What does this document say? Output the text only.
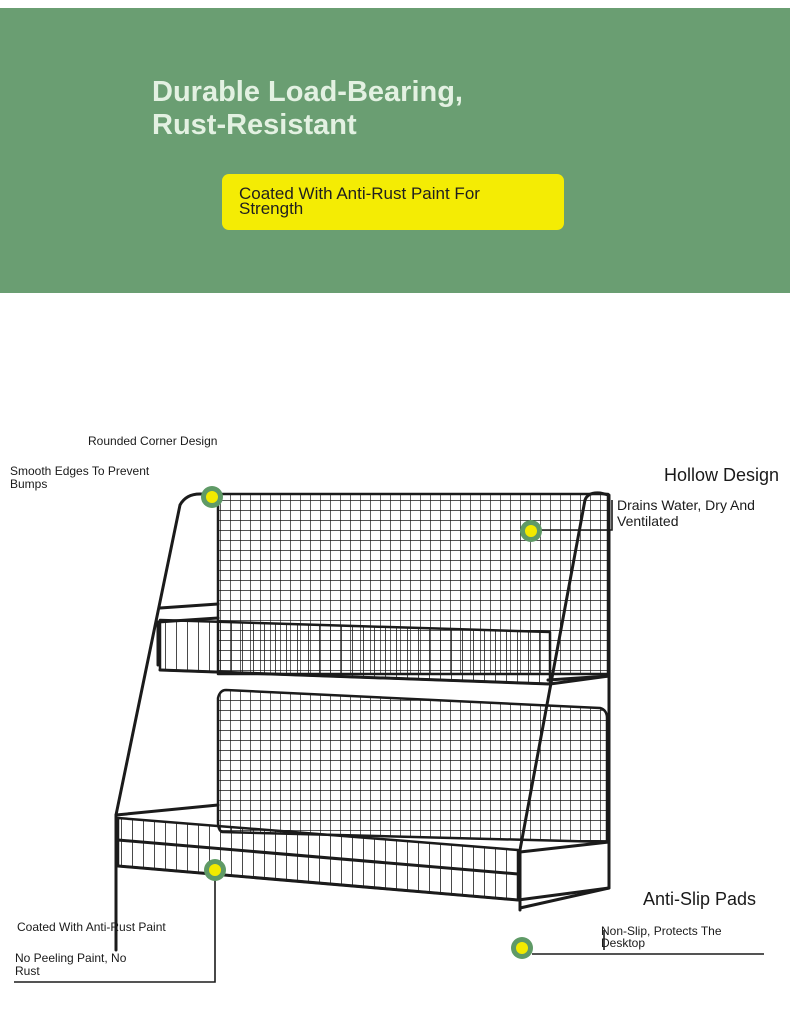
Durable Load-Bearing,
Rust-Resistant
Coated With Anti-Rust Paint For Strength
Rounded Corner Design
Smooth Edges To Prevent Bumps	Hollow Design
Drains Water, Dry And Ventilated
Anti-Slip Pads
Non-Slip, Protects The Desktop
Coated With Anti-Rust Paint
No Peeling Paint, No Rust
